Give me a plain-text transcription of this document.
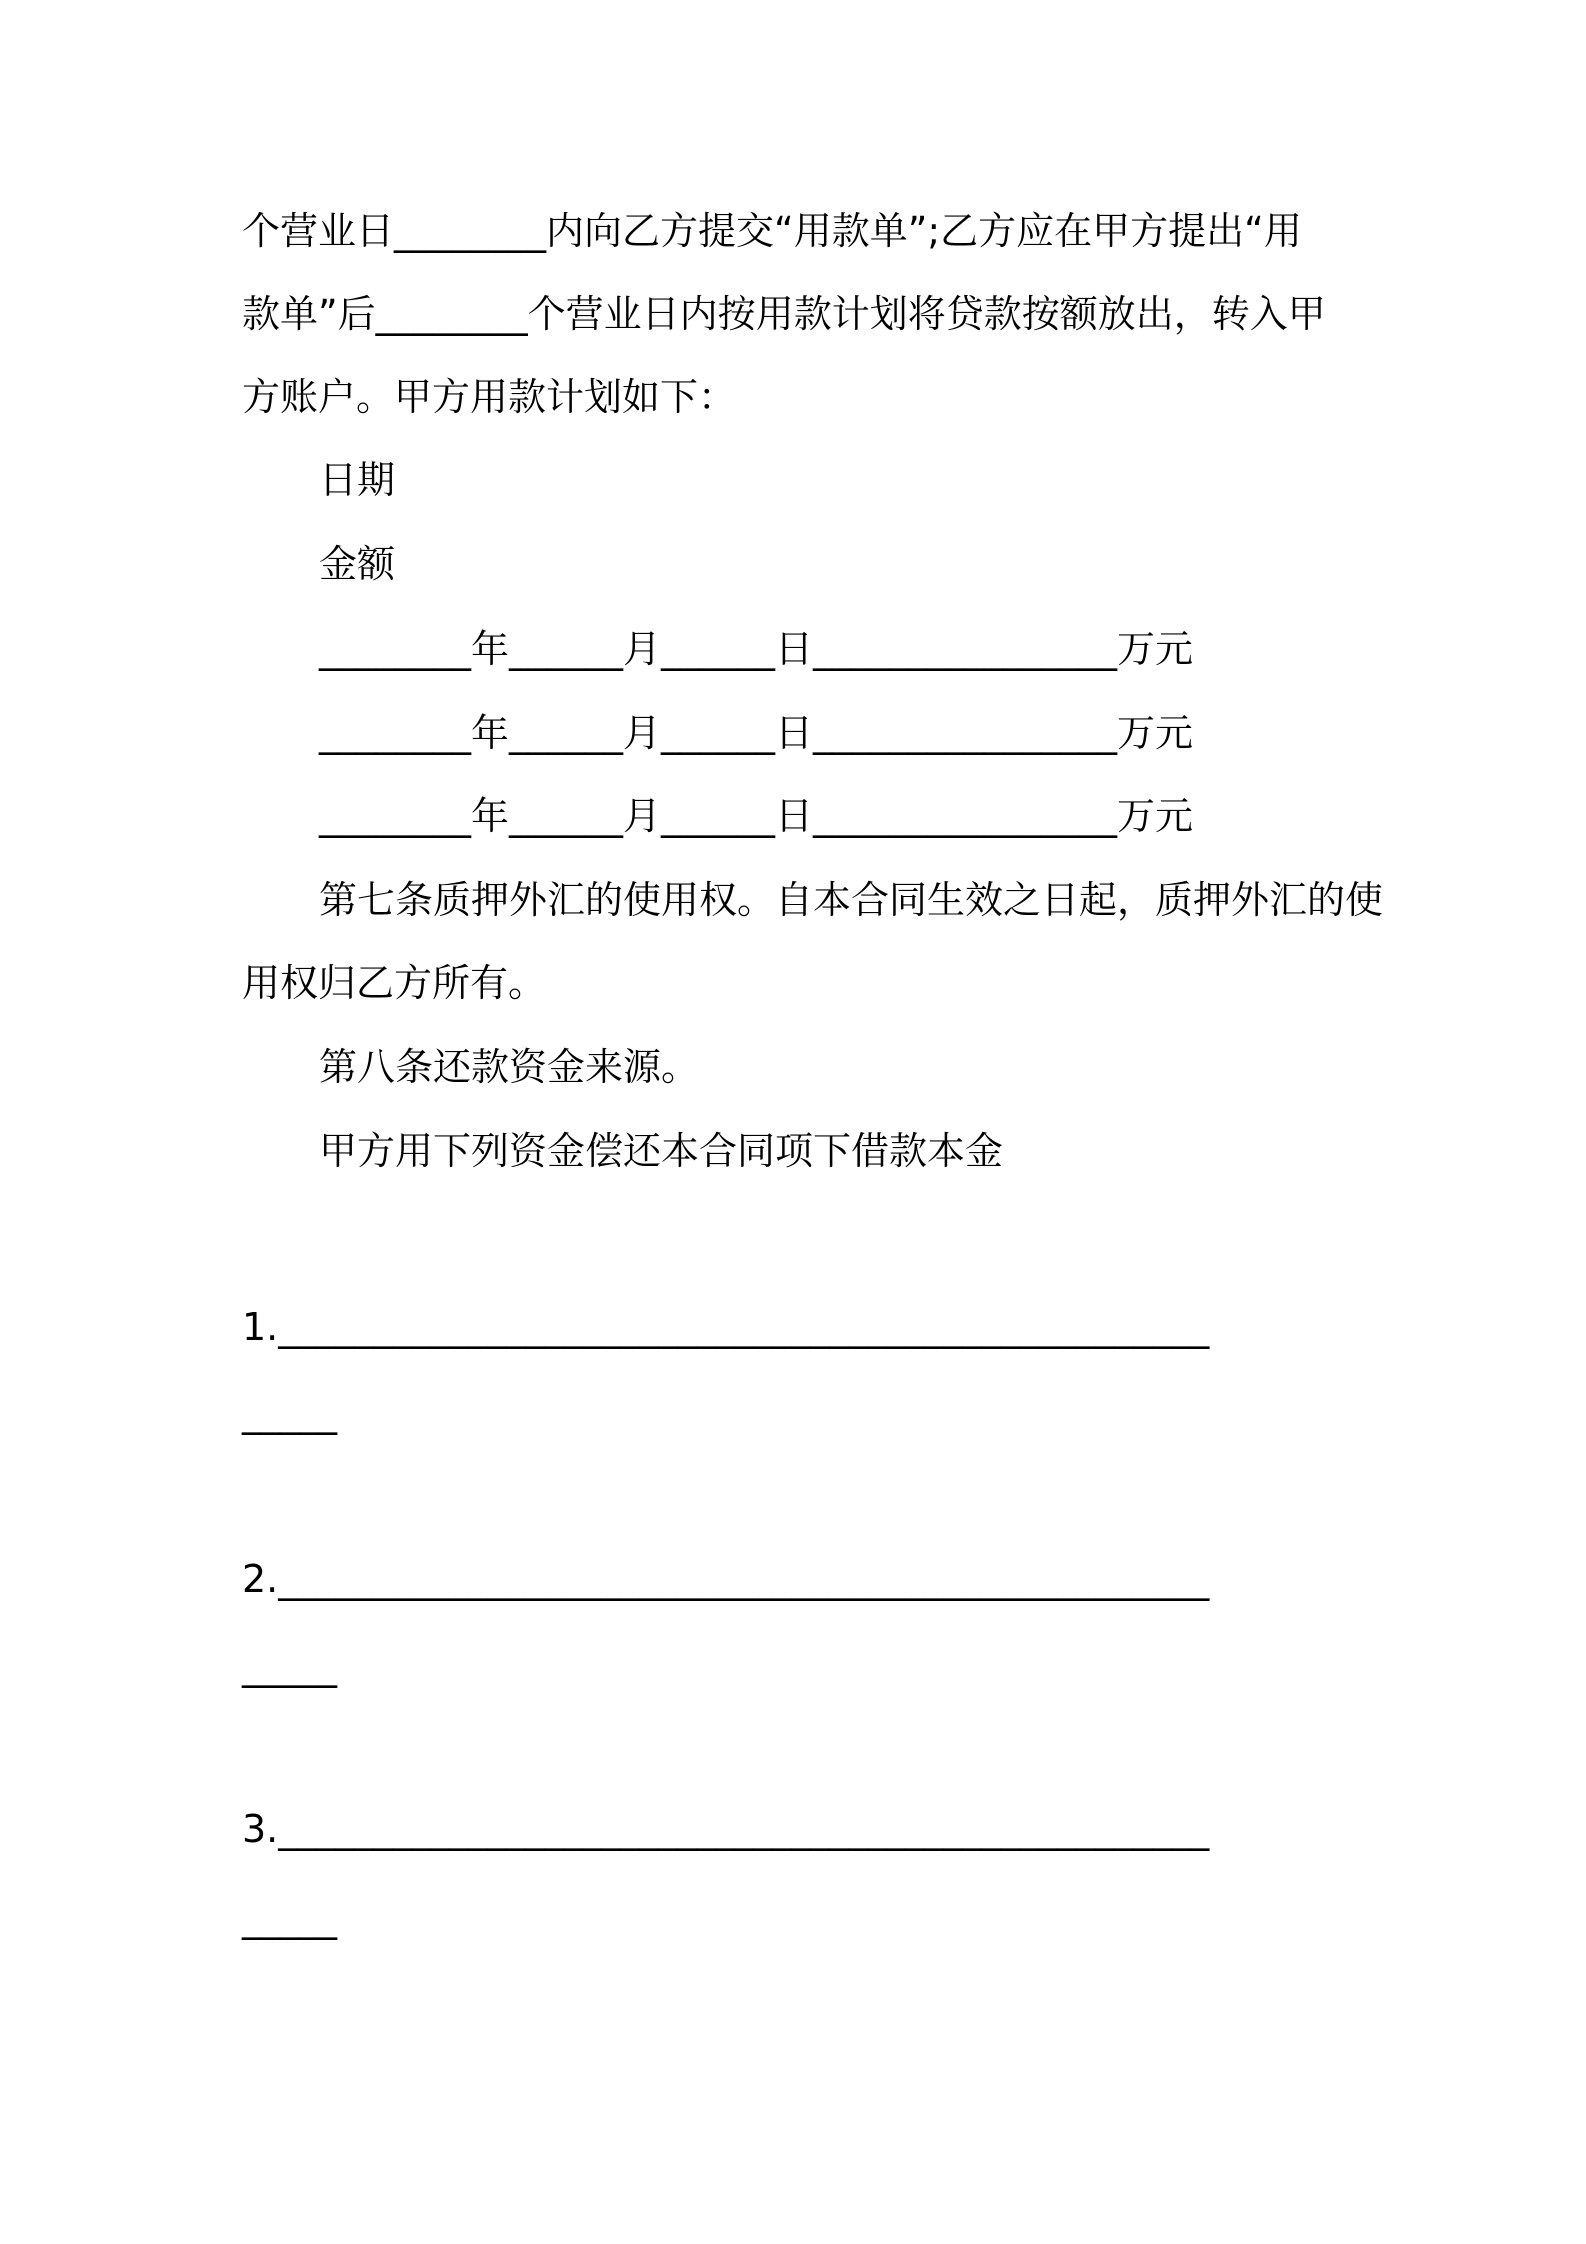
个营业日________内向乙方提交“用款单”;乙方应在甲方提出“用
款单”后________个营业日内按用款计划将贷款按额放出，转入甲
方账户。甲方用款计划如下：
日期
金额
________年______月______日________________万元
________年______月______日________________万元
________年______月______日________________万元
第七条质押外汇的使用权。自本合同生效之日起，质押外汇的使
用权归乙方所有。
第八条还款资金来源。
甲方用下列资金偿还本合同项下借款本金
1._________________________________________________
_____
2._________________________________________________
_____
3._________________________________________________
_____
